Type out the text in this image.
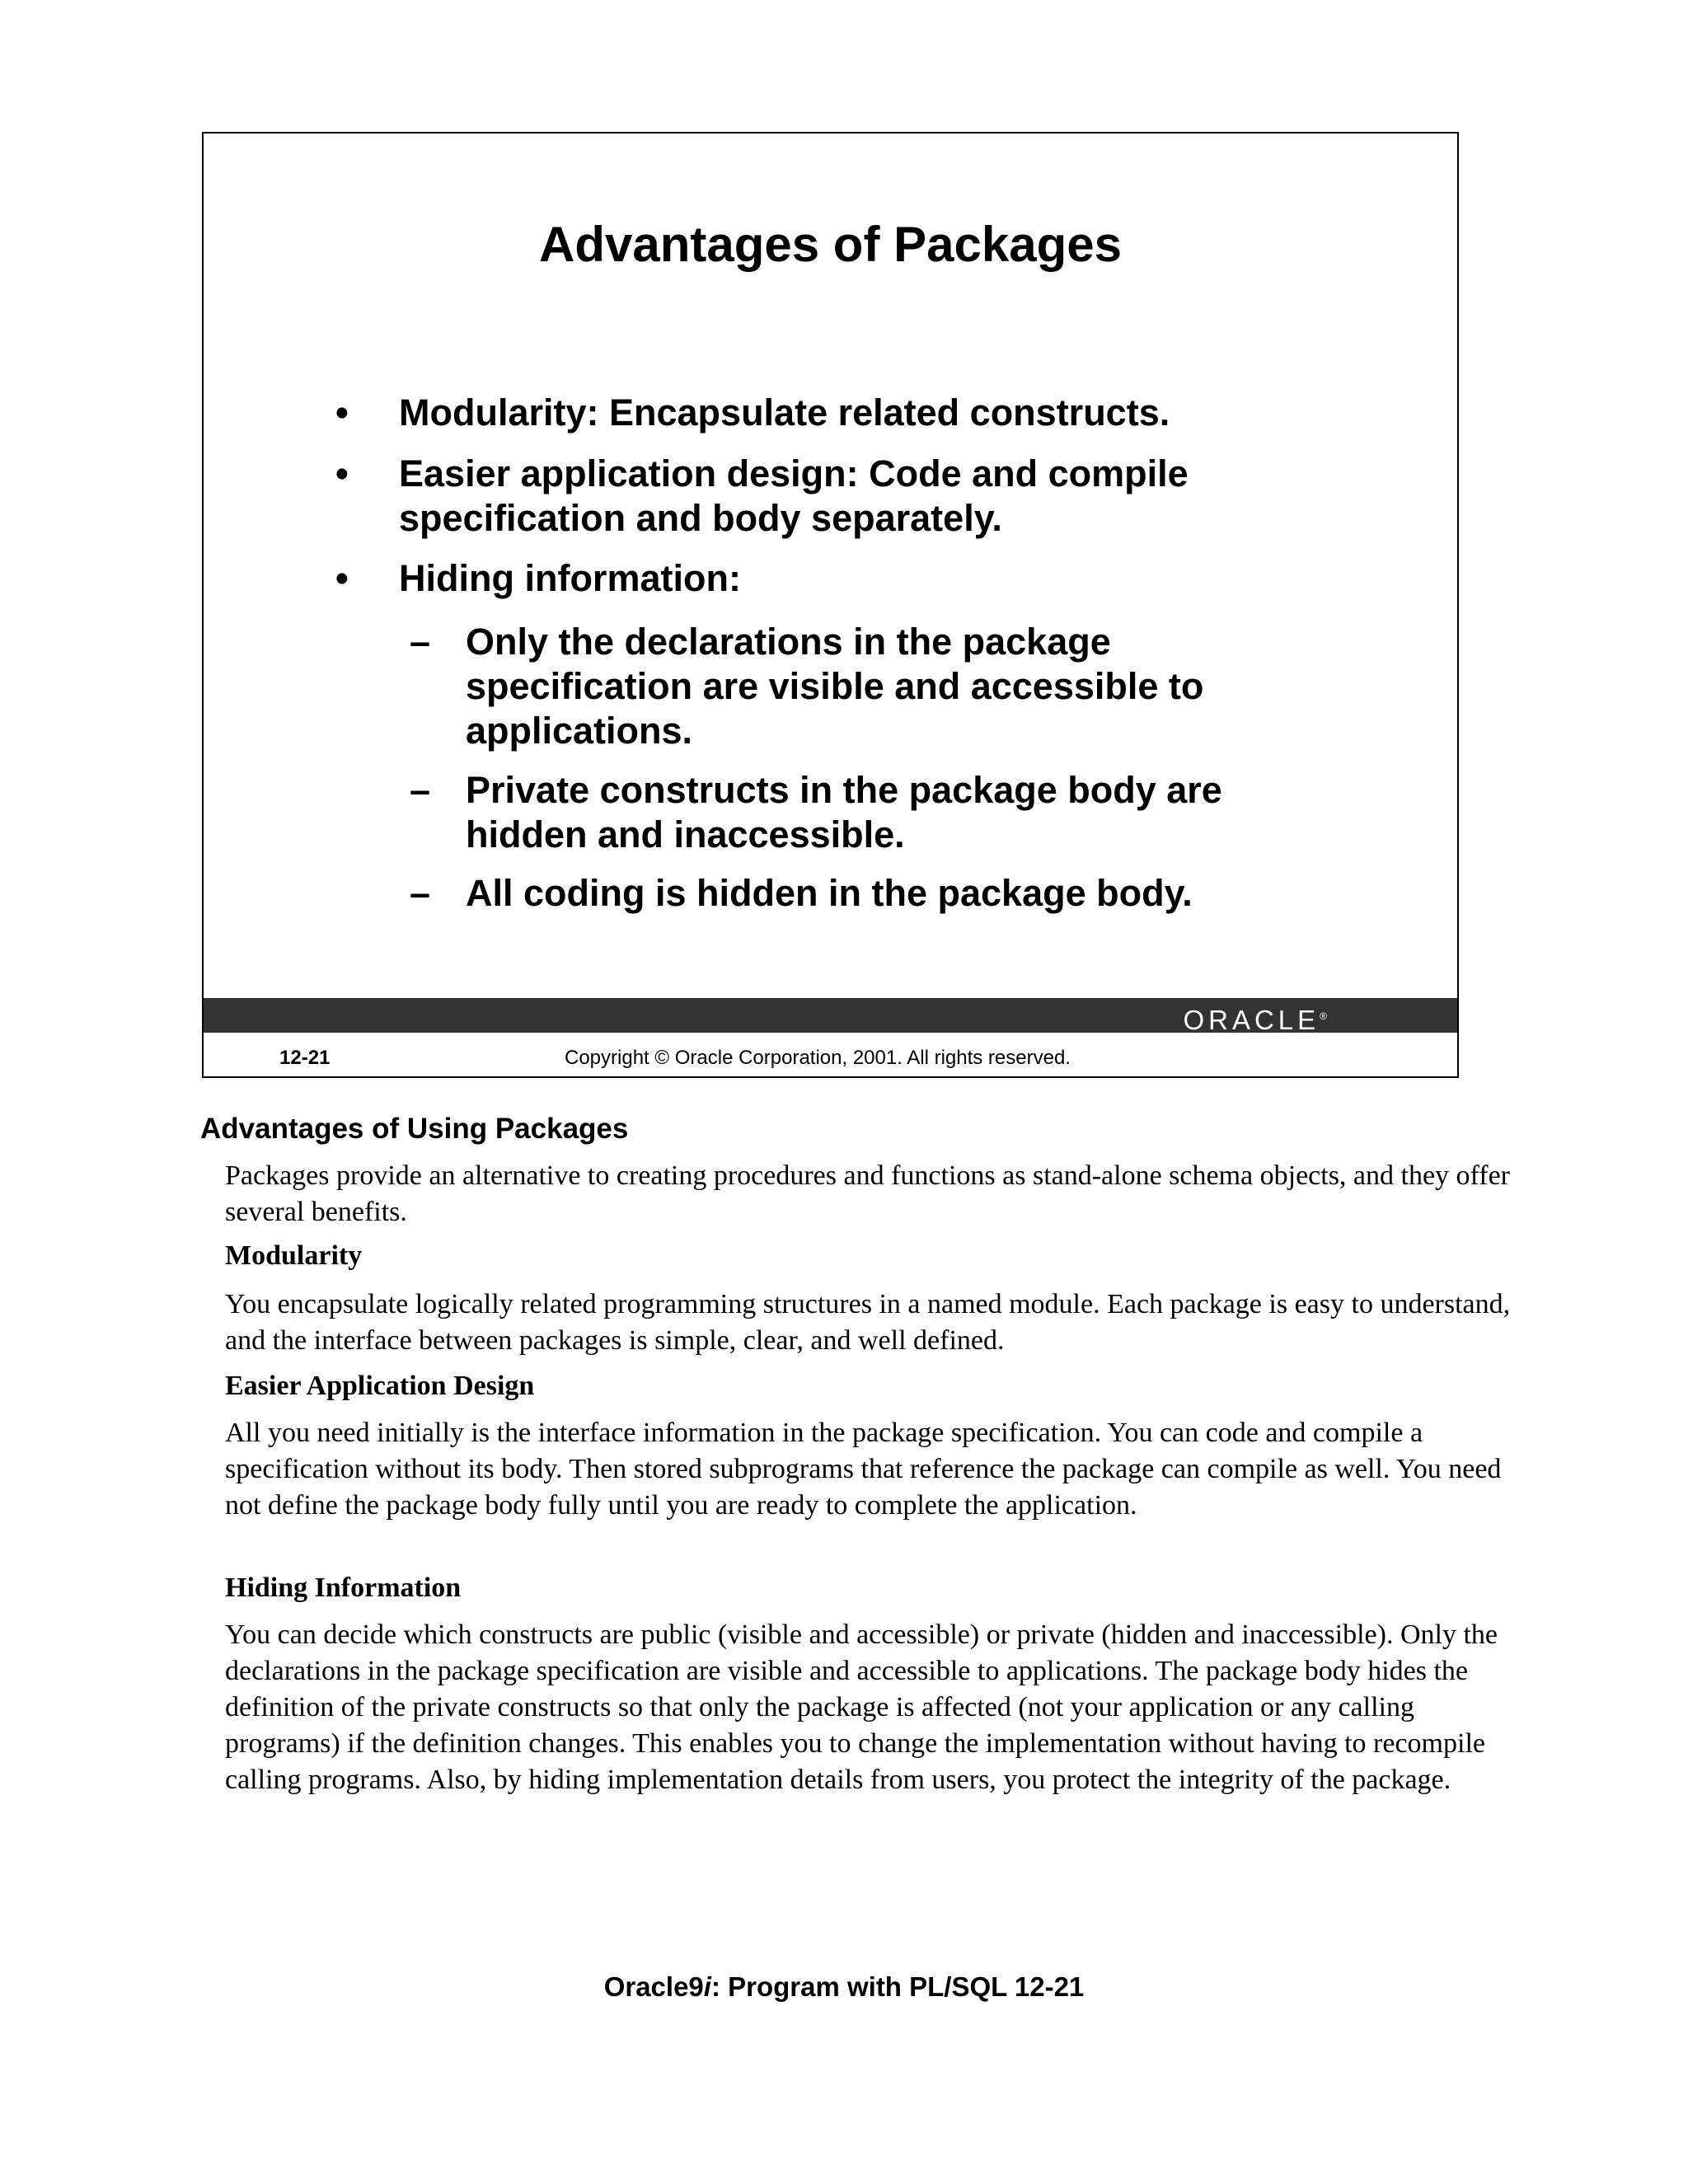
Advantages of Packages
•	Modularity: Encapsulate related constructs.
•	Easier application design: Code and compile specification and body separately.
•	Hiding information:
– Only the declarations in the package specification are visible and accessible to applications.
– Private constructs in the package body are hidden and inaccessible.
– All coding is hidden in the package body.
ORACLE®
12-21	Copyright © Oracle Corporation, 2001. All rights reserved.
Advantages of Using Packages

Packages provide an alternative to creating procedures and functions as stand-alone schema objects, and they offer several benefits.

Modularity

You encapsulate logically related programming structures in a named module. Each package is easy to understand, and the interface between packages is simple, clear, and well defined.

Easier Application Design

All you need initially is the interface information in the package specification. You can code and compile a specification without its body. Then stored subprograms that reference the package can compile as well. You need not define the package body fully until you are ready to complete the application.

Hiding Information

You can decide which constructs are public (visible and accessible) or private (hidden and inaccessible). Only the declarations in the package specification are visible and accessible to applications. The package body hides the definition of the private constructs so that only the package is affected (not your application or any calling programs) if the definition changes. This enables you to change the implementation without having to recompile calling programs. Also, by hiding implementation details from users, you protect the integrity of the package.

Oracle9i: Program with PL/SQL 12-21
